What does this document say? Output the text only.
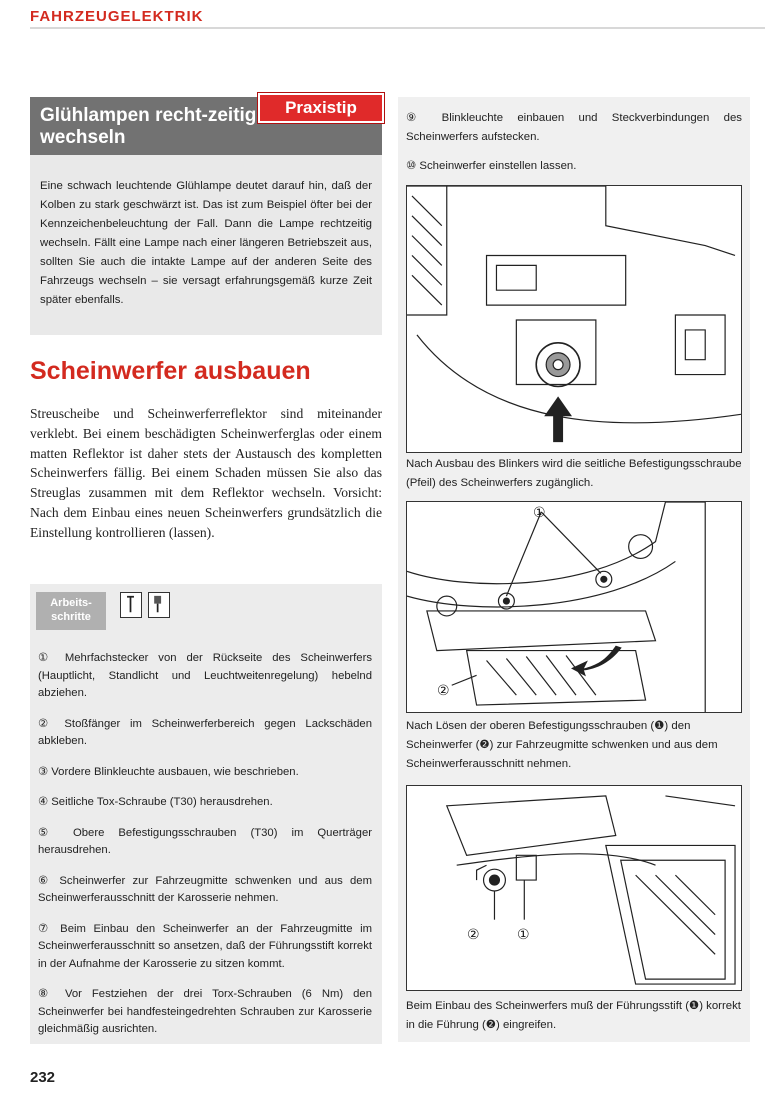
FAHRZEUGELEKTRIK
Glühlampen recht-zeitig wechseln
Praxistip
Eine schwach leuchtende Glühlampe deutet darauf hin, daß der Kolben zu stark geschwärzt ist. Das ist zum Beispiel öfter bei der Kennzeichenbeleuchtung der Fall. Dann die Lampe rechtzeitig wechseln. Fällt eine Lampe nach einer längeren Betriebszeit aus, sollten Sie auch die intakte Lampe auf der anderen Seite des Fahrzeugs wechseln – sie versagt erfahrungsgemäß kurze Zeit später ebenfalls.
Scheinwerfer ausbauen
Streuscheibe und Scheinwerferreflektor sind miteinander verklebt. Bei einem beschädigten Scheinwerferglas oder einem matten Reflektor ist daher stets der Austausch des kompletten Scheinwerfers fällig. Bei einem Schaden müssen Sie also das Streuglas zusammen mit dem Reflektor wechseln. Vorsicht: Nach dem Einbau eines neuen Scheinwerfers grundsätzlich die Einstellung kontrollieren (lassen).
Arbeits-schritte
① Mehrfachstecker von der Rückseite des Scheinwerfers (Hauptlicht, Standlicht und Leuchtweitenregelung) hebelnd abziehen.
② Stoßfänger im Scheinwerferbereich gegen Lackschäden abkleben.
③ Vordere Blinkleuchte ausbauen, wie beschrieben.
④ Seitliche Tox-Schraube (T30) herausdrehen.
⑤ Obere Befestigungsschrauben (T30) im Querträger herausdrehen.
⑥ Scheinwerfer zur Fahrzeugmitte schwenken und aus dem Scheinwerferausschnitt der Karosserie nehmen.
⑦ Beim Einbau den Scheinwerfer an der Fahrzeugmitte im Scheinwerferausschnitt so ansetzen, daß der Führungsstift korrekt in der Aufnahme der Karosserie zu sitzen kommt.
⑧ Vor Festziehen der drei Torx-Schrauben (6 Nm) den Scheinwerfer bei handfesteingedrehten Schrauben zur Karosserie gleichmäßig ausrichten.
⑨ Blinkleuchte einbauen und Steckverbindungen des Scheinwerfers aufstecken.
⑩ Scheinwerfer einstellen lassen.
Nach Ausbau des Blinkers wird die seitliche Befestigungsschraube (Pfeil) des Scheinwerfers zugänglich.
①
②
Nach Lösen der oberen Befestigungsschrauben (❶) den Scheinwerfer (❷) zur Fahrzeugmitte schwenken und aus dem Scheinwerferausschnitt nehmen.
②	①
Beim Einbau des Scheinwerfers muß der Führungsstift (❶) korrekt in die Führung (❷) eingreifen.
232
